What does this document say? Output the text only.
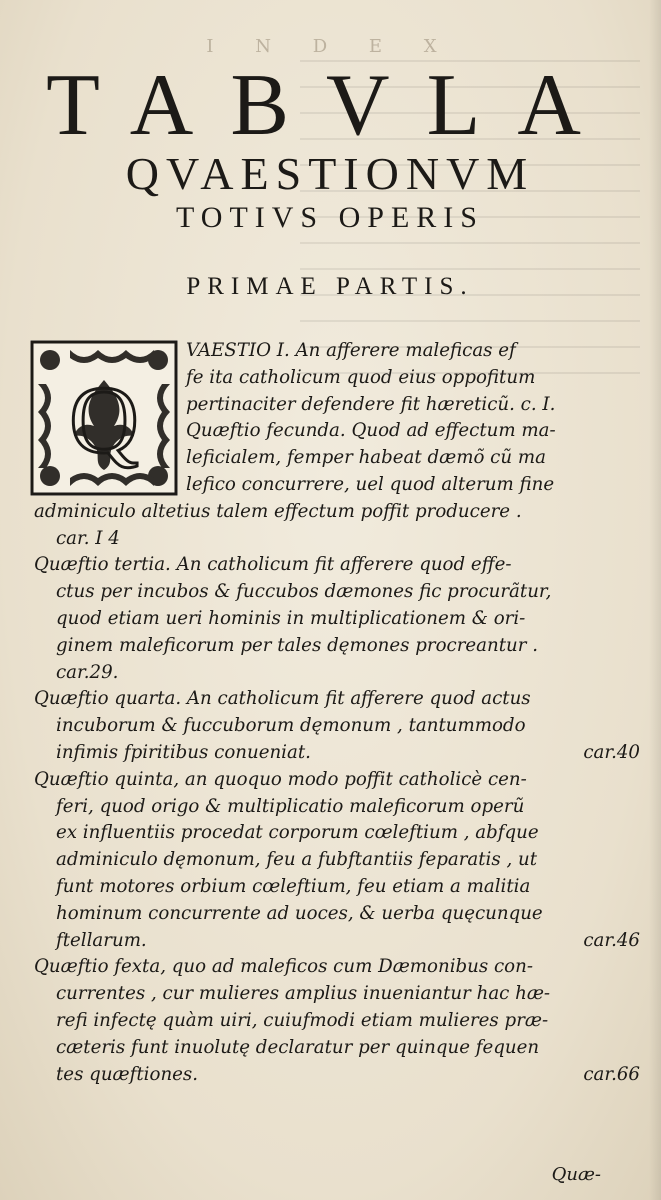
I N D E X
TABVLA
QVAESTIONVM
TOTIVS OPERIS
PRIMAE PARTIS.
Q
VAESTIO I. An afferere maleficas ef
fe ita catholicum quod eius oppofitum
pertinaciter defendere fit hæreticũ. c. I.
Quæftio fecunda. Quod ad effectum ma-
leficialem, femper habeat dæmõ cũ ma
lefico concurrere, uel quod alterum fine
adminiculo altetius talem effectum poffit producere .
car. I 4
Quæftio tertia. An catholicum fit afferere quod effe-
ctus per incubos & fuccubos dæmones fic procurãtur,
quod etiam ueri hominis in multiplicationem & ori-
ginem maleficorum per tales dęmones procreantur .
car.29.
Quæftio quarta. An catholicum fit afferere quod actus
incuborum & fuccuborum dęmonum , tantummodo
infimis fpiritibus conueniat.	car.40
Quæftio quinta, an quoquo modo poffit catholicè cen-
feri, quod origo & multiplicatio maleficorum operũ
ex influentiis procedat corporum cœleftium , abfque
adminiculo dęmonum, feu a fubftantiis feparatis , ut
funt motores orbium cœleftium, feu etiam a malitia
hominum concurrente ad uoces, & uerba quęcunque
ftellarum.	car.46
Quæftio fexta, quo ad maleficos cum Dæmonibus con-
currentes , cur mulieres amplius inueniantur hac hæ-
refi infectę quàm uiri, cuiufmodi etiam mulieres præ-
cæteris funt inuolutę declaratur per quinque fequen
tes quæftiones.	car.66
Quæ-
